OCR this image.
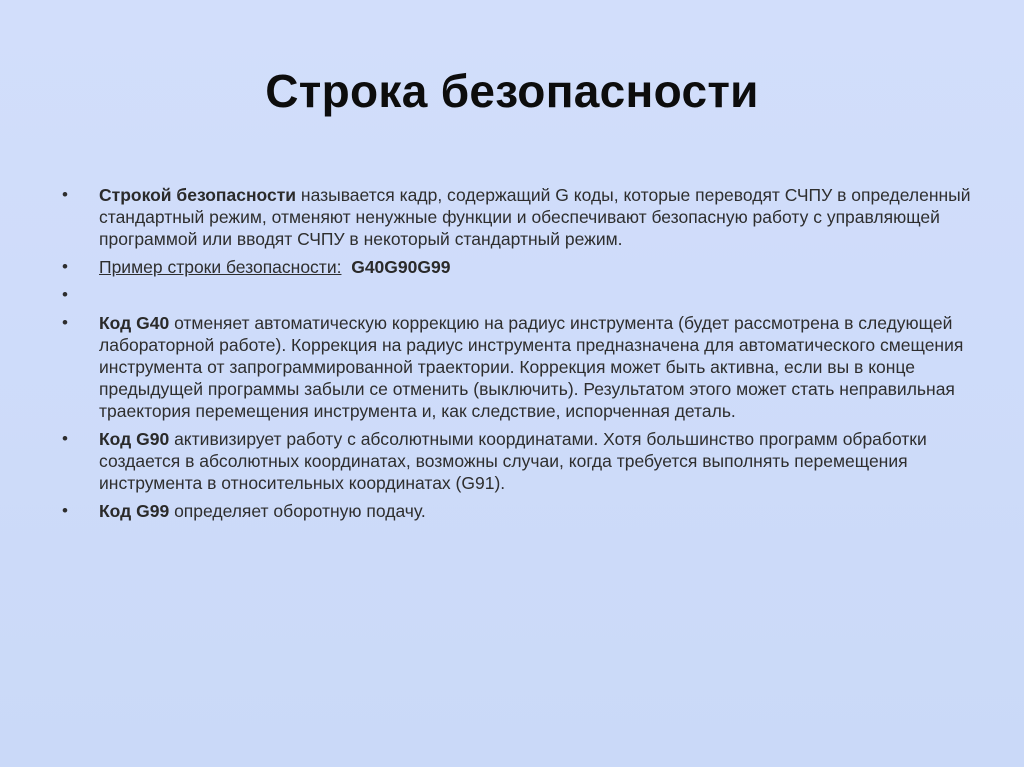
Строка безопасности
• Строкой безопасности называется кадр, содержащий G коды, которые переводят СЧПУ в определенный стандартный режим, отменяют ненужные функции и обеспечивают безопасную работу с управляющей программой или вводят СЧПУ в некоторый стандартный режим.
• Пример строки безопасности: G40G90G99
•
• Код G40 отменяет автоматическую коррекцию на радиус инструмента (будет рассмотрена в следующей лабораторной работе). Коррекция на радиус инструмента предназначена для автоматического смещения инструмента от запрограммированной траектории. Коррекция может быть активна, если вы в конце предыдущей программы забыли се отменить (выключить). Результатом этого может стать неправильная траектория перемещения инструмента и, как следствие, испорченная деталь.
• Код G90 активизирует работу с абсолютными координатами. Хотя большинство программ обработки создается в абсолютных координатах, возможны случаи, когда требуется выполнять перемещения инструмента в относительных координатах (G91).
• Код G99 определяет оборотную подачу.
